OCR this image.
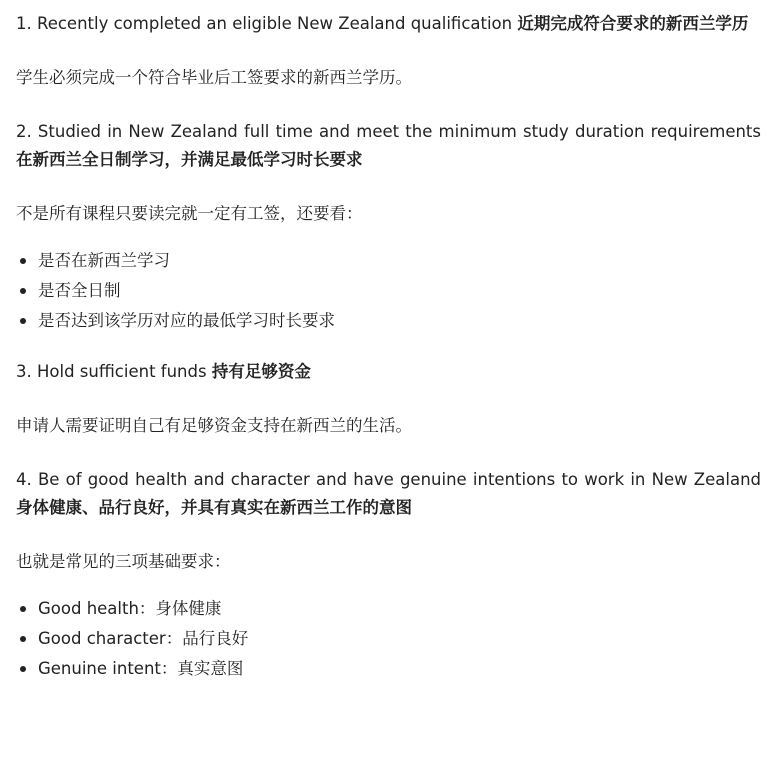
1. Recently completed an eligible New Zealand qualification 近期完成符合要求的新西兰学历

学生必须完成一个符合毕业后工签要求的新西兰学历。

2. Studied in New Zealand full time and meet the minimum study duration requirements 在新西兰全日制学习，并满足最低学习时长要求

不是所有课程只要读完就一定有工签，还要看：

是否在新西兰学习
是否全日制
是否达到该学历对应的最低学习时长要求

3. Hold sufficient funds 持有足够资金

申请人需要证明自己有足够资金支持在新西兰的生活。

4. Be of good health and character and have genuine intentions to work in New Zealand 身体健康、品行良好，并具有真实在新西兰工作的意图

也就是常见的三项基础要求：

Good health：身体健康
Good character：品行良好
Genuine intent：真实意图
